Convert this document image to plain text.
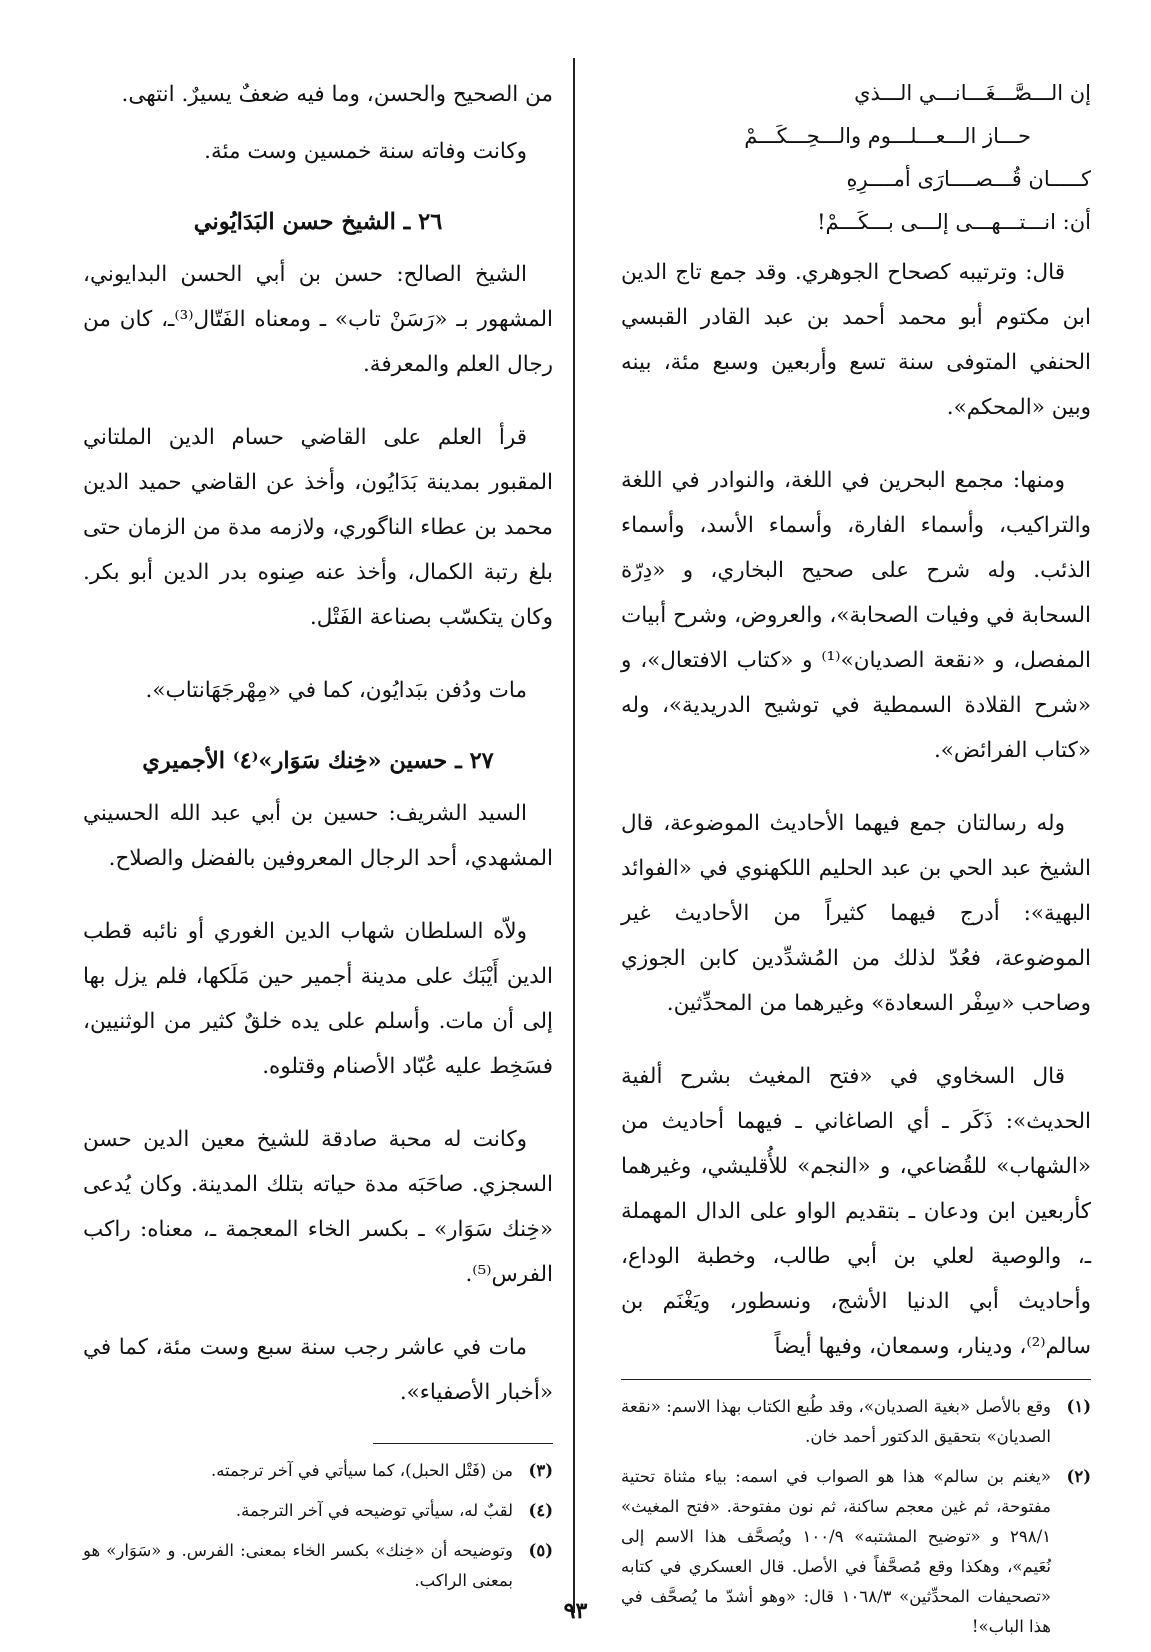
إن الـــصَّـــغَـــانـــي الـــذي
حـــاز الـــعـــلـــوم والـــحِـــكَـــمْ
كـــــان قُـــصــــارَى أمــــرِهِ
أن: انـــتـــهـــى إلـــى بـــكَـــمْ!

قال: وترتيبه كصحاح الجوهري. وقد جمع تاج الدين ابن مكتوم أبو محمد أحمد بن عبد القادر القبسي الحنفي المتوفى سنة تسع وأربعين وسبع مئة، بينه وبين «المحكم».

ومنها: مجمع البحرين في اللغة، والنوادر في اللغة والتراكيب، وأسماء الفارة، وأسماء الأسد، وأسماء الذئب. وله شرح على صحيح البخاري، و «دِرّة السحابة في وفيات الصحابة»، والعروض، وشرح أبيات المفصل، و «نقعة الصديان»⁽¹⁾ و «كتاب الافتعال»، و «شرح القلادة السمطية في توشيح الدريدية»، وله «كتاب الفرائض».

وله رسالتان جمع فيهما الأحاديث الموضوعة، قال الشيخ عبد الحي بن عبد الحليم اللكهنوي في «الفوائد البهية»: أدرج فيهما كثيراً من الأحاديث غير الموضوعة، فعُدّ لذلك من المُشدِّدين كابن الجوزي وصاحب «سِفْر السعادة» وغيرهما من المحدِّثين.

قال السخاوي في «فتح المغيث بشرح ألفية الحديث»: ذَكَر ـ أي الصاغاني ـ فيهما أحاديث من «الشهاب» للقُضاعي، و «النجم» للأُقليشي، وغيرهما كأربعين ابن ودعان ـ بتقديم الواو على الدال المهملة ـ، والوصية لعلي بن أبي طالب، وخطبة الوداع، وأحاديث أبي الدنيا الأشج، ونسطور، ويَغْنَم بن سالم⁽²⁾، ودينار، وسمعان، وفيها أيضاً

(١)
وقع بالأصل «بغية الصديان»، وقد طُبع الكتاب بهذا الاسم: «نقعة الصديان» بتحقيق الدكتور أحمد خان.
(٢)
«يغنم بن سالم» هذا هو الصواب في اسمه: بياء مثناة تحتية مفتوحة، ثم غين معجم ساكنة، ثم نون مفتوحة. «فتح المغيث» ٢٩٨/١ و «توضيح المشتبه» ١٠٠/٩ ويُصحَّف هذا الاسم إلى نُعَيم»، وهكذا وقع مُصحَّفاً في الأصل. قال العسكري في كتابه «تصحيفات المحدِّثين» ١٠٦٨/٣ قال: «وهو أشدّ ما يُصحَّف في هذا الباب»!

من الصحيح والحسن، وما فيه ضعفٌ يسيرٌ. انتهى.

وكانت وفاته سنة خمسين وست مئة.

٢٦ ـ الشيخ حسن البَدَايُوني

الشيخ الصالح: حسن بن أبي الحسن البدايوني، المشهور بـ «رَسَنْ تاب» ـ ومعناه الفَتّال⁽³⁾ـ، كان من رجال العلم والمعرفة.

قرأ العلم على القاضي حسام الدين الملتاني المقبور بمدينة بَدَايُون، وأخذ عن القاضي حميد الدين محمد بن عطاء الناگوري، ولازمه مدة من الزمان حتى بلغ رتبة الكمال، وأخذ عنه صِنوه بدر الدين أبو بكر. وكان يتكسّب بصناعة الفَتْل.

مات ودُفن ببَدايُون، كما في «مِهْرجَهَانتاب».

٢٧ ـ حسين «خِنك سَوَار»⁽٤⁾ الأجميري

السيد الشريف: حسين بن أبي عبد الله الحسيني المشهدي، أحد الرجال المعروفين بالفضل والصلاح.

ولاّه السلطان شهاب الدين الغوري أو نائبه قطب الدين أَيْبَك على مدينة أجمير حين مَلَكها، فلم يزل بها إلى أن مات. وأسلم على يده خلقٌ كثير من الوثنيين، فسَخِط عليه عُبّاد الأصنام وقتلوه.

وكانت له محبة صادقة للشيخ معين الدين حسن السجزي. صاحَبَه مدة حياته بتلك المدينة. وكان يُدعى «خِنك سَوَار» ـ بكسر الخاء المعجمة ـ، معناه: راكب الفرس⁽⁵⁾.

مات في عاشر رجب سنة سبع وست مئة، كما في «أخبار الأصفياء».

(٣)
من (فَتْل الحبل)، كما سيأتي في آخر ترجمته.
(٤)
لقبٌ له، سيأتي توضيحه في آخر الترجمة.
(٥)
وتوضيحه أن «خِنك» بكسر الخاء بمعنى: الفرس. و «سَوَار» هو بمعنى الراكب.
٩٣
